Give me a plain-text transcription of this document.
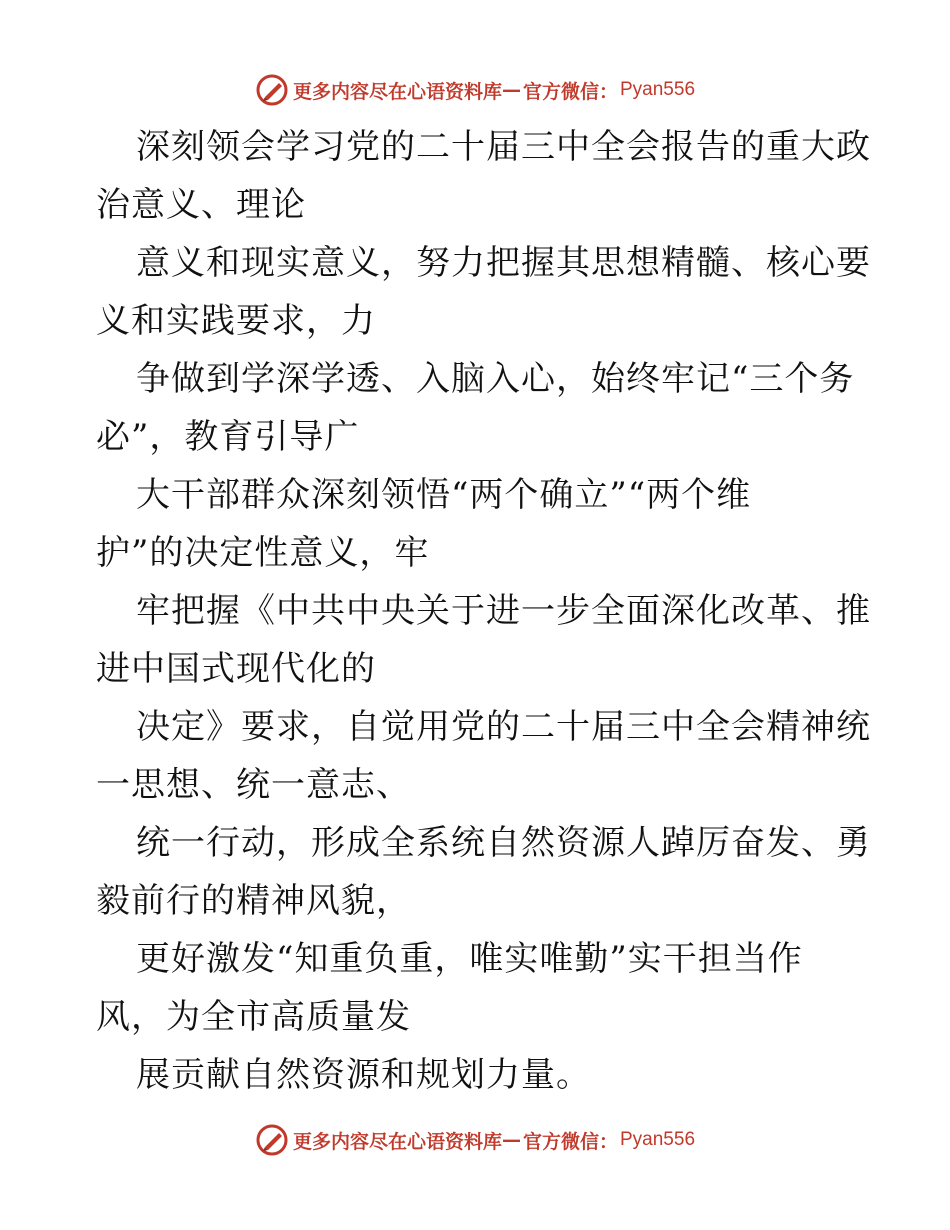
更多内容尽在心语资料库 — 官方微信： Pyan556
深刻领会学习党的二十届三中全会报告的重大政
治意义、理论
意义和现实意义，努力把握其思想精髓、核心要
义和实践要求，力
争做到学深学透、入脑入心，始终牢记“三个务
必”，教育引导广
大干部群众深刻领悟“两个确立”“两个维
护”的决定性意义，牢
牢把握《中共中央关于进一步全面深化改革、推
进中国式现代化的
决定》要求，自觉用党的二十届三中全会精神统
一思想、统一意志、
统一行动，形成全系统自然资源人踔厉奋发、勇
毅前行的精神风貌，
更好激发“知重负重，唯实唯勤”实干担当作
风，为全市高质量发
展贡献自然资源和规划力量。
更多内容尽在心语资料库 — 官方微信： Pyan556
